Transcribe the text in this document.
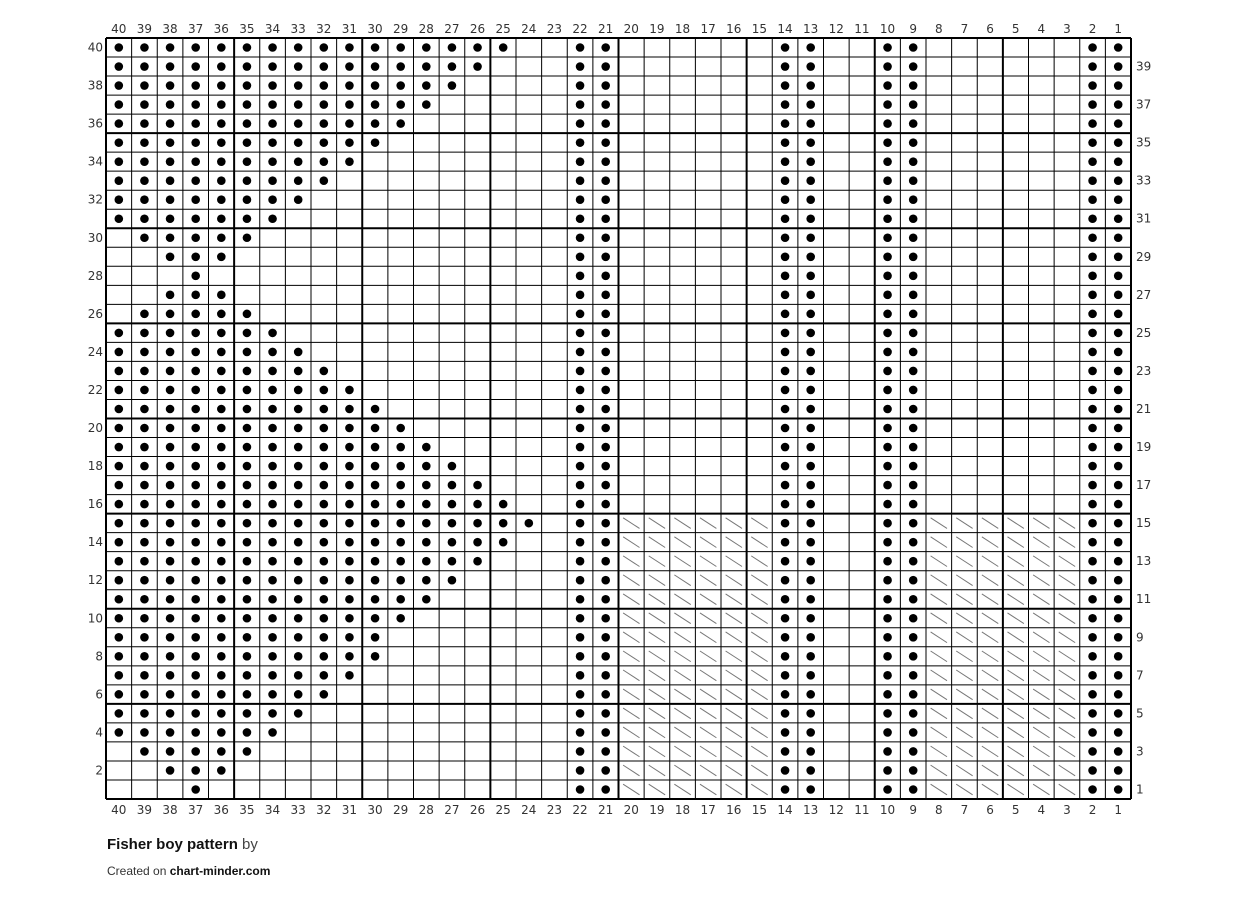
1
1
2
2
3
3
4
4
5
5
6
6
7
7
8
8
9
9
10
10
11
11
12
12
13
13
14
14
15
15
16
16
17
17
18
18
19
19
20
20
21
21
22
22
23
23
24
24
25
25
26
26
27
27
28
28
29
29
30
30
31
31
32
32
33
33
34
34
35
35
36
36
37
37
38
38
39
39
40
40
1
2
3
4
5
6
7
8
9
10
11
12
13
14
15
16
17
18
19
20
21
22
23
24
25
26
27
28
29
30
31
32
33
34
35
36
37
38
39
40
Fisher boy pattern by
Created on chart-minder.com
